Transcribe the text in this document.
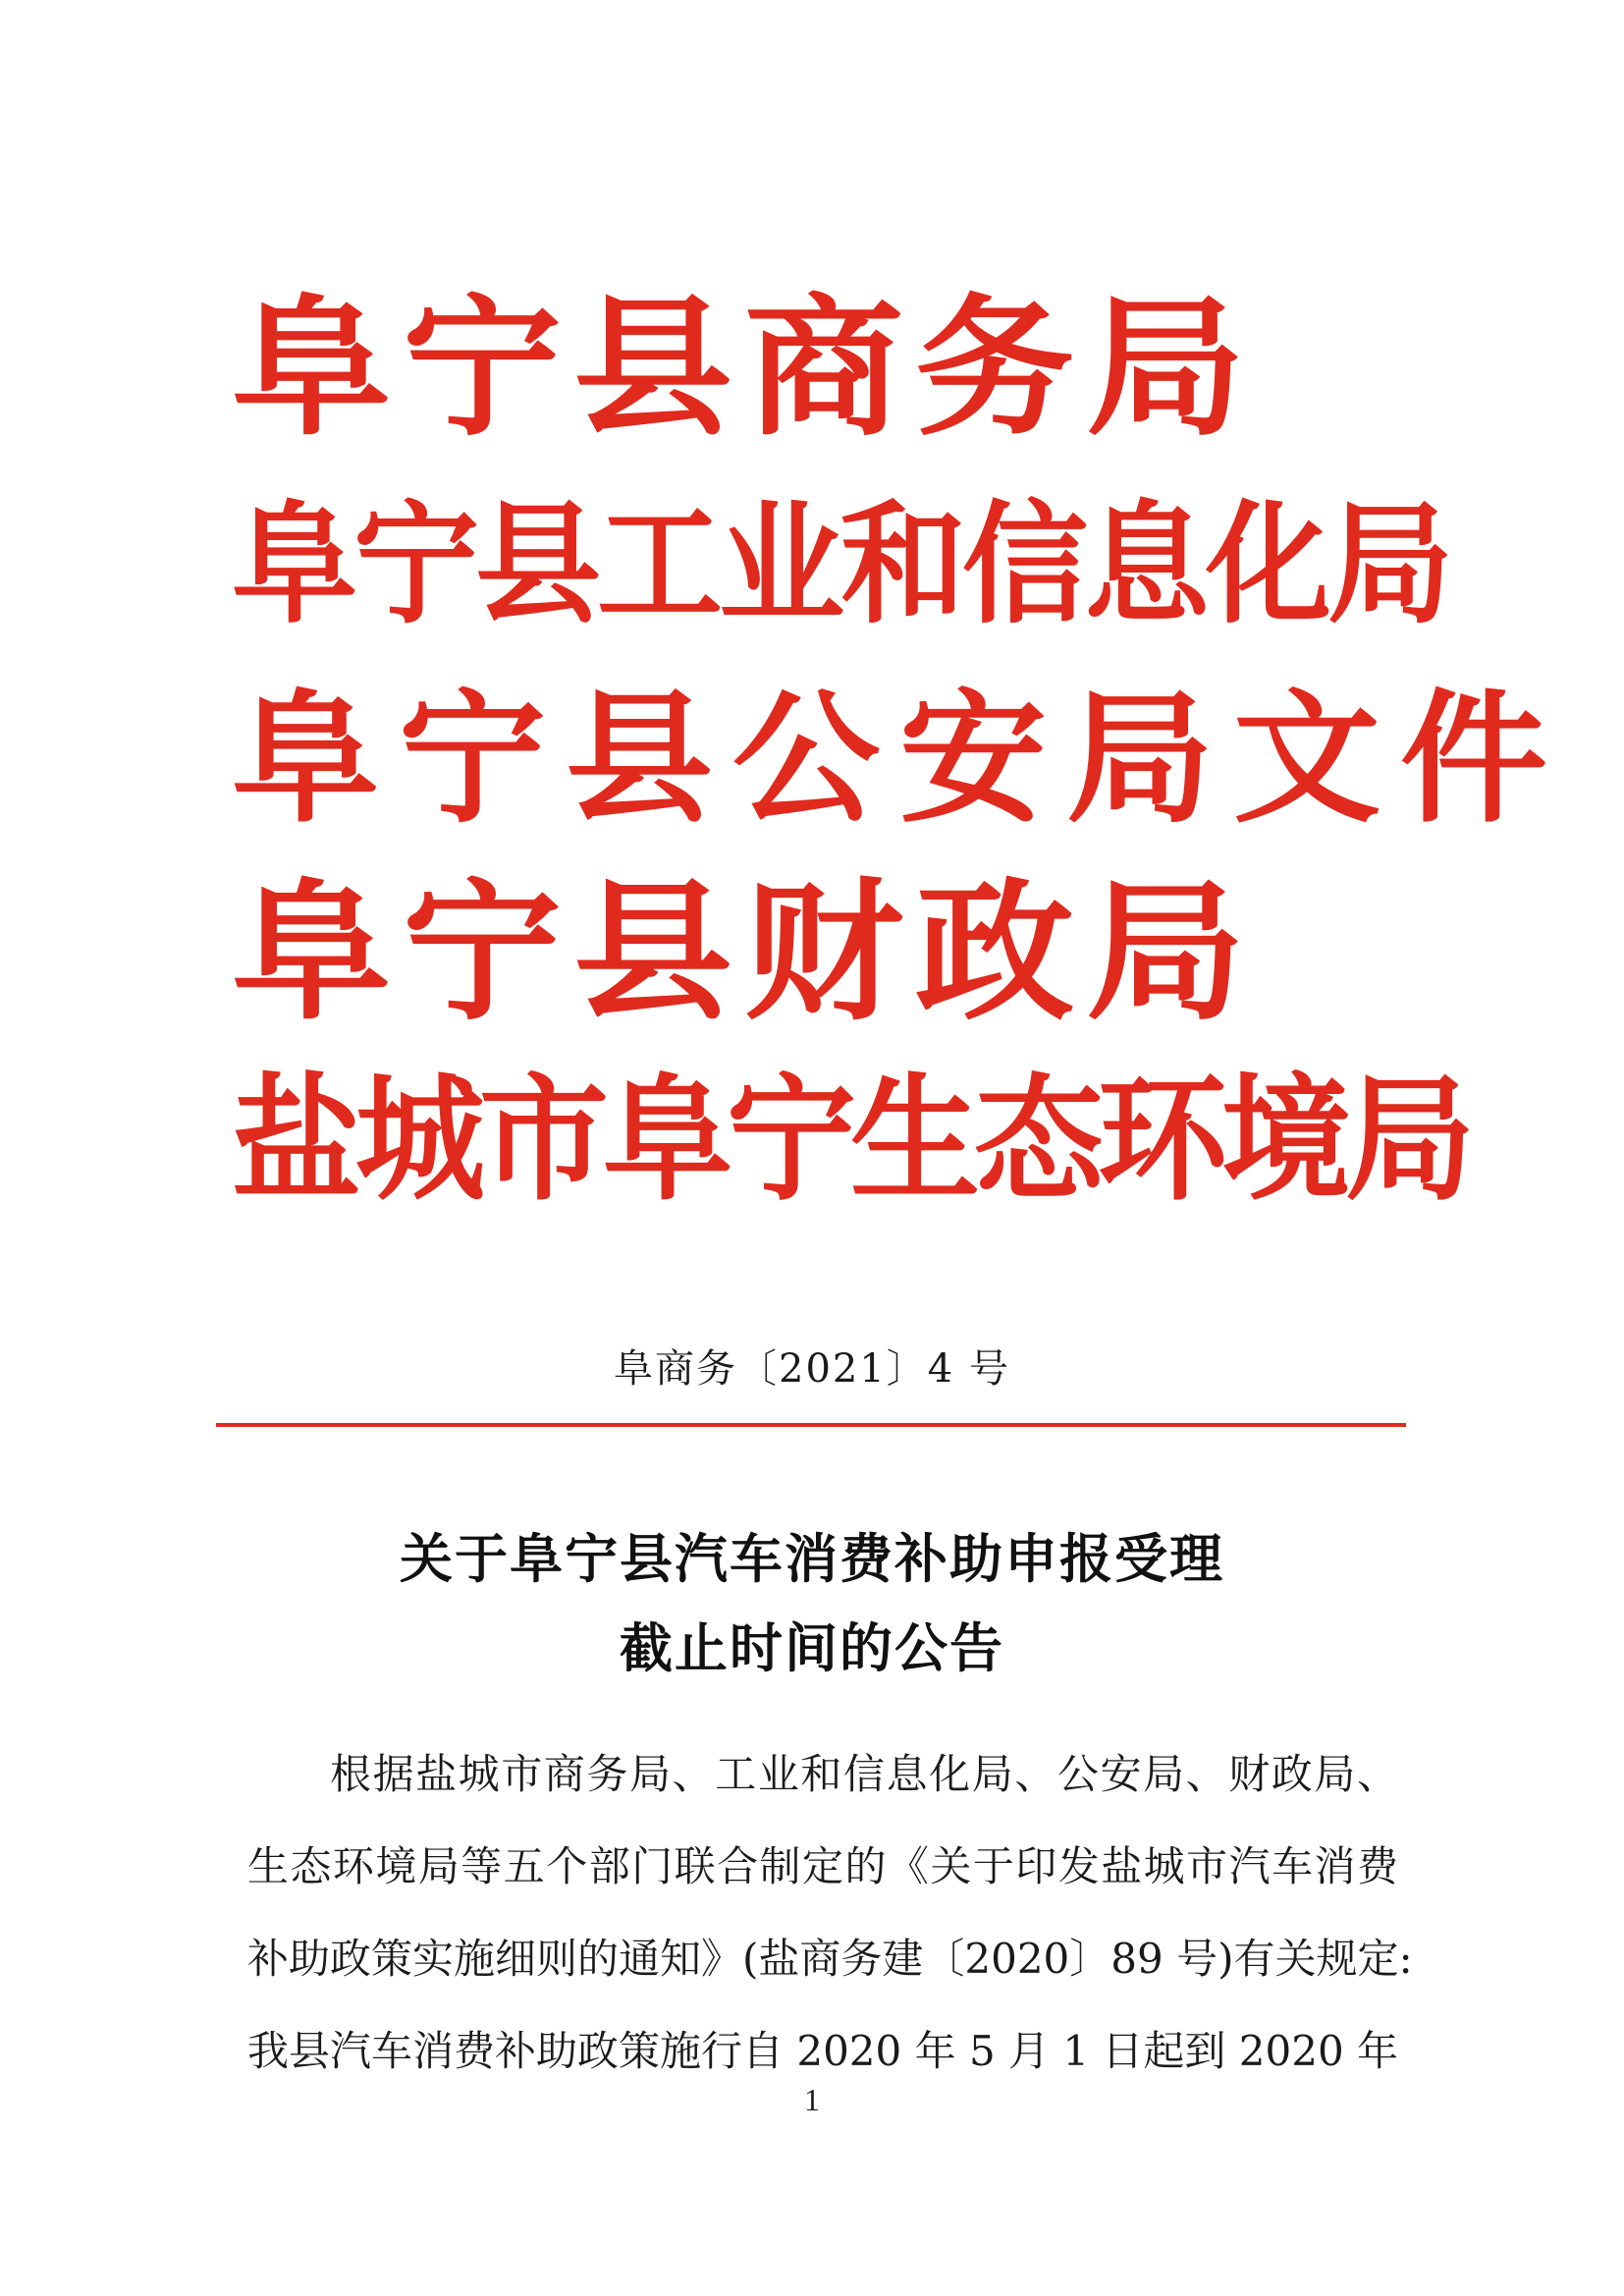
阜宁县商务局
阜宁县工业和信息化局
阜宁县公安局文件
阜宁县财政局
盐城市阜宁生态环境局
阜商务〔2021〕4 号
关于阜宁县汽车消费补助申报受理
截止时间的公告
根据盐城市商务局、工业和信息化局、公安局、财政局、
生态环境局等五个部门联合制定的《关于印发盐城市汽车消费
补助政策实施细则的通知》(盐商务建〔2020〕89 号)有关规定:
我县汽车消费补助政策施行自 2020 年 5 月 1 日起到 2020 年
1
